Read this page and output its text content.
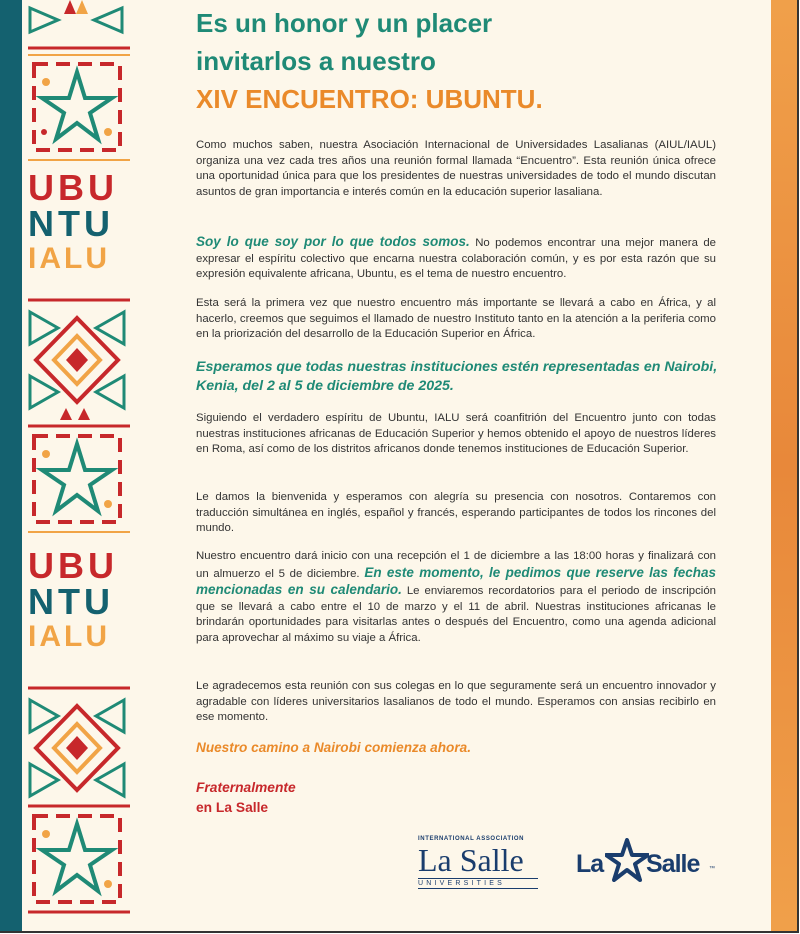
UBU
NTU
IALU
UBU
NTU
IALU
Es un honor y un placer
invitarlos a nuestro
XIV ENCUENTRO: UBUNTU.

Como muchos saben, nuestra Asociación Internacional de Universidades Lasalianas (AIUL/IAUL) organiza una vez cada tres años una reunión formal llamada “Encuentro”. Esta reunión única ofrece una oportunidad única para que los presidentes de nuestras universidades de todo el mundo discutan asuntos de gran importancia e interés común en la educación superior lasaliana.

Soy lo que soy por lo que todos somos. No podemos encontrar una mejor manera de expresar el espíritu colectivo que encarna nuestra colaboración común, y es por esta razón que su expresión equivalente africana, Ubuntu, es el tema de nuestro encuentro.

Esta será la primera vez que nuestro encuentro más importante se llevará a cabo en África, y al hacerlo, creemos que seguimos el llamado de nuestro Instituto tanto en la atención a la periferia como en la priorización del desarrollo de la Educación Superior en África.

Esperamos que todas nuestras instituciones estén representadas en Nairobi, Kenia, del 2 al 5 de diciembre de 2025.

Siguiendo el verdadero espíritu de Ubuntu, IALU será coanfitrión del Encuentro junto con todas nuestras instituciones africanas de Educación Superior y hemos obtenido el apoyo de nuestros líderes en Roma, así como de los distritos africanos donde tenemos instituciones de Educación Superior.

Le damos la bienvenida y esperamos con alegría su presencia con nosotros. Contaremos con traducción simultánea en inglés, español y francés, esperando participantes de todos los rincones del mundo.

Nuestro encuentro dará inicio con una recepción el 1 de diciembre a las 18:00 horas y finalizará con un almuerzo el 5 de diciembre. En este momento, le pedimos que reserve las fechas mencionadas en su calendario. Le enviaremos recordatorios para el periodo de inscripción que se llevará a cabo entre el 10 de marzo y el 11 de abril. Nuestras instituciones africanas le brindarán oportunidades para visitarlas antes o después del Encuentro, como una agenda adicional para aprovechar al máximo su viaje a África.

Le agradecemos esta reunión con sus colegas en lo que seguramente será un encuentro innovador y agradable con líderes universitarios lasalianos de todo el mundo. Esperamos con ansias recibirlo en ese momento.

Nuestro camino a Nairobi comienza ahora.

Fraternalmente
en La Salle
INTERNATIONAL ASSOCIATION
La Salle
UNIVERSITIES
La Salle ™
